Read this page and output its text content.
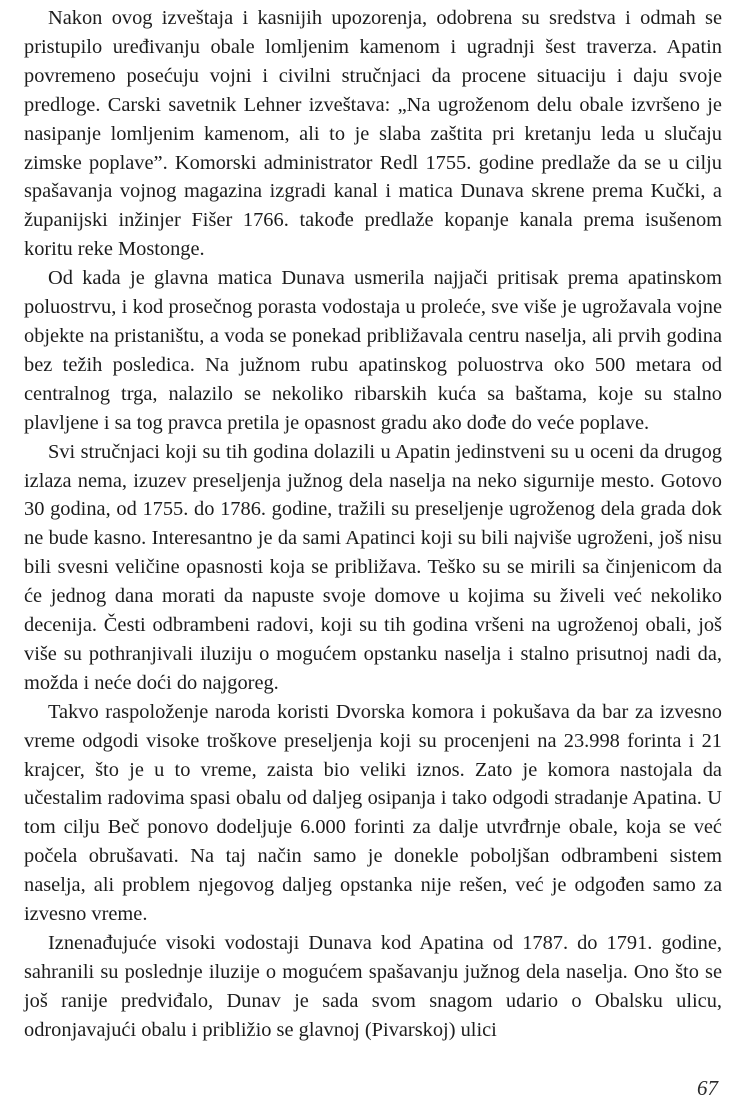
Nakon ovog izveštaja i kasnijih upozorenja, odobrena su sredstva i odmah se pristupilo uređivanju obale lomljenim kamenom i ugradnji šest traverza. Apatin povremeno posećuju vojni i civilni stručnjaci da procene situaciju i daju svoje predloge. Carski savetnik Lehner izveštava: „Na ugroženom delu obale izvršeno je nasipanje lomljenim kamenom, ali to je slaba zaštita pri kretanju leda u slučaju zimske poplave”. Komorski administrator Redl 1755. godine predlaže da se u cilju spašavanja vojnog magazina izgradi kanal i matica Dunava skrene prema Kučki, a županijski inžinjer Fišer 1766. takođe predlaže kopanje kanala prema isušenom koritu reke Mostonge.

Od kada je glavna matica Dunava usmerila najjači pritisak prema apatinskom poluostrvu, i kod prosečnog porasta vodostaja u proleće, sve više je ugrožavala vojne objekte na pristaništu, a voda se ponekad približavala centru naselja, ali prvih godina bez težih posledica. Na južnom rubu apatinskog poluostrva oko 500 metara od centralnog trga, nalazilo se nekoliko ribarskih kuća sa baštama, koje su stalno plavljene i sa tog pravca pretila je opasnost gradu ako dođe do veće poplave.

Svi stručnjaci koji su tih godina dolazili u Apatin jedinstveni su u oceni da drugog izlaza nema, izuzev preseljenja južnog dela naselja na neko sigurnije mesto. Gotovo 30 godina, od 1755. do 1786. godine, tražili su preseljenje ugroženog dela grada dok ne bude kasno. Interesantno je da sami Apatinci koji su bili najviše ugroženi, još nisu bili svesni veličine opasnosti koja se približava. Teško su se mirili sa činjenicom da će jednog dana morati da napuste svoje domove u kojima su živeli već nekoliko decenija. Česti odbrambeni radovi, koji su tih godina vršeni na ugroženoj obali, još više su pothranjivali iluziju o mogućem opstanku naselja i stalno prisutnoj nadi da, možda i neće doći do najgoreg.

Takvo raspoloženje naroda koristi Dvorska komora i pokušava da bar za izvesno vreme odgodi visoke troškove preseljenja koji su procenjeni na 23.998 forinta i 21 krajcer, što je u to vreme, zaista bio veliki iznos. Zato je komora nastojala da učestalim radovima spasi obalu od daljeg osipanja i tako odgodi stradanje Apatina. U tom cilju Beč ponovo dodeljuje 6.000 forinti za dalje utvrđrnje obale, koja se već počela obrušavati. Na taj način samo je donekle poboljšan odbrambeni sistem naselja, ali problem njegovog daljeg opstanka nije rešen, već je odgođen samo za izvesno vreme.

Iznenađujuće visoki vodostaji Dunava kod Apatina od 1787. do 1791. godine, sahranili su poslednje iluzije o mogućem spašavanju južnog dela naselja. Ono što se još ranije predviđalo, Dunav je sada svom snagom udario o Obalsku ulicu, odronjavajući obalu i približio se glavnoj (Pivarskoj) ulici

67
